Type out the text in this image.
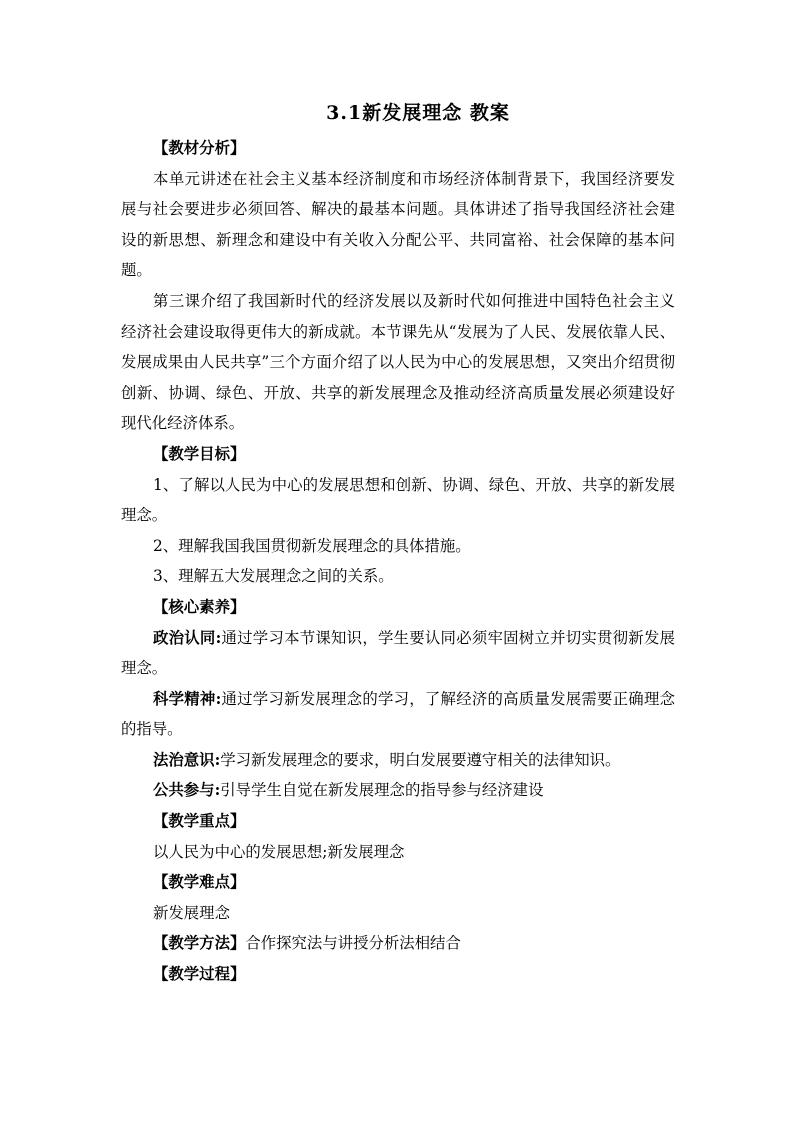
3.1新发展理念 教案
【教材分析】
本单元讲述在社会主义基本经济制度和市场经济体制背景下，我国经济要发展与社会要进步必须回答、解决的最基本问题。具体讲述了指导我国经济社会建设的新思想、新理念和建设中有关收入分配公平、共同富裕、社会保障的基本问题。
第三课介绍了我国新时代的经济发展以及新时代如何推进中国特色社会主义经济社会建设取得更伟大的新成就。本节课先从“发展为了人民、发展依靠人民、发展成果由人民共享”三个方面介绍了以人民为中心的发展思想，又突出介绍贯彻创新、协调、绿色、开放、共享的新发展理念及推动经济高质量发展必须建设好现代化经济体系。
【教学目标】
1、了解以人民为中心的发展思想和创新、协调、绿色、开放、共享的新发展理念。
2、理解我国我国贯彻新发展理念的具体措施。
3、理解五大发展理念之间的关系。
【核心素养】
政治认同:通过学习本节课知识，学生要认同必须牢固树立并切实贯彻新发展理念。
科学精神:通过学习新发展理念的学习，了解经济的高质量发展需要正确理念的指导。
法治意识:学习新发展理念的要求，明白发展要遵守相关的法律知识。
公共参与:引导学生自觉在新发展理念的指导参与经济建设
【教学重点】
以人民为中心的发展思想;新发展理念
【教学难点】
新发展理念
【教学方法】合作探究法与讲授分析法相结合
【教学过程】
